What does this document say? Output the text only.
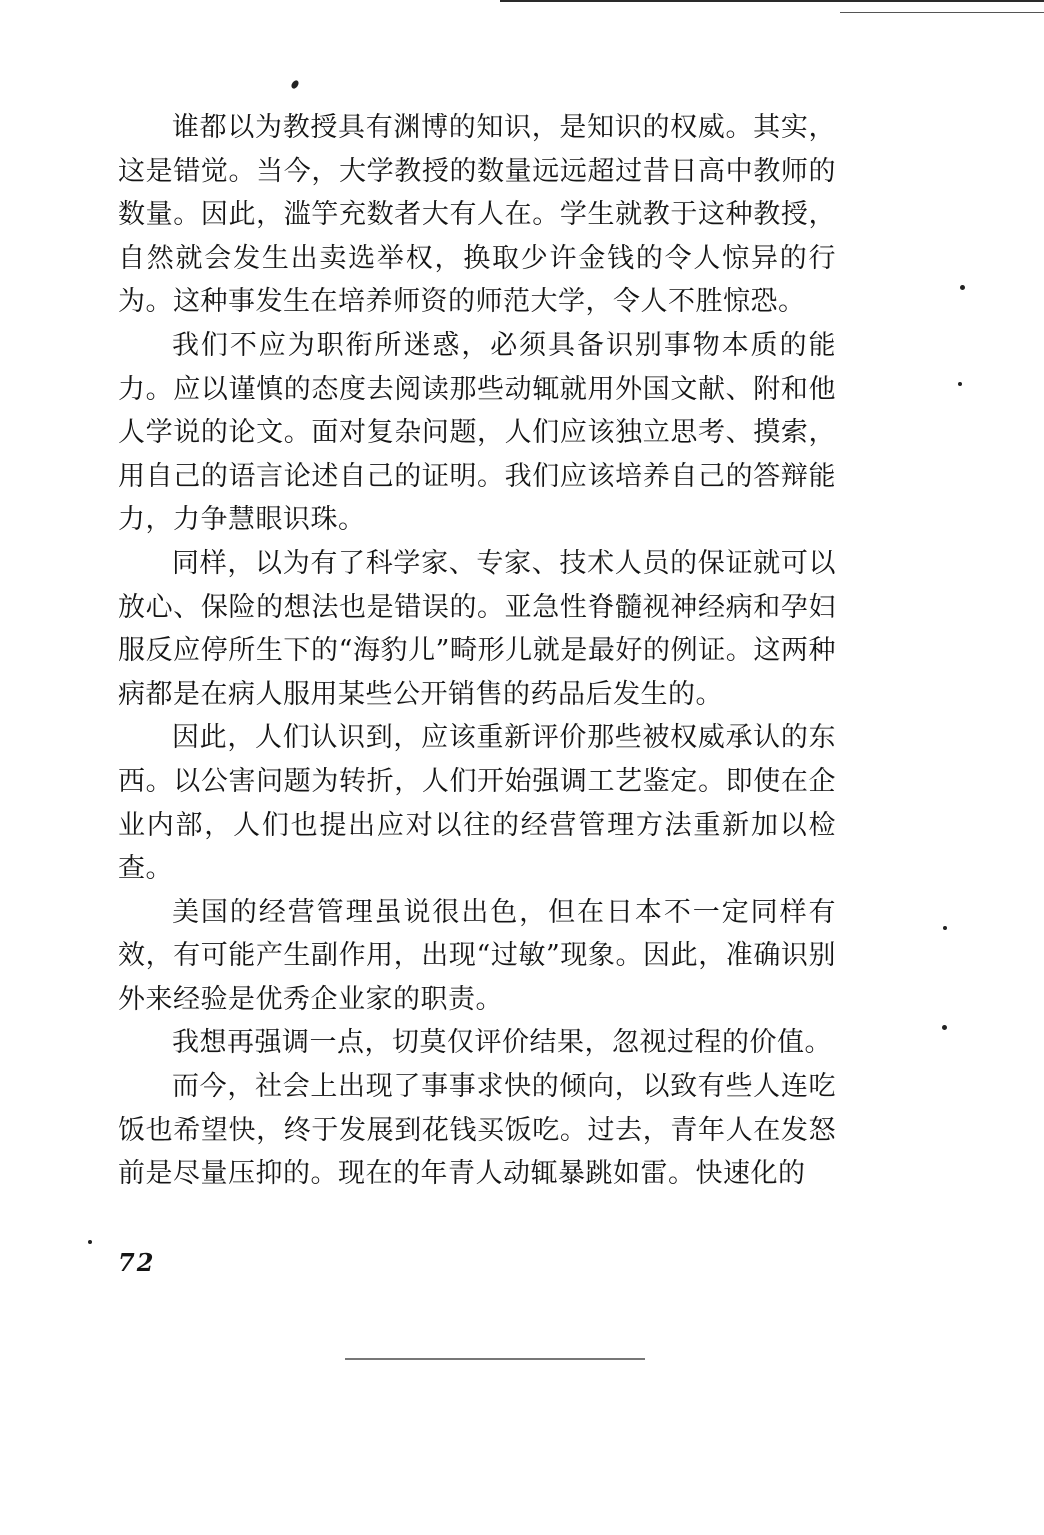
谁都以为教授具有渊博的知识，是知识的权威。其实，这是错觉。当今，大学教授的数量远远超过昔日高中教师的数量。因此，滥竽充数者大有人在。学生就教于这种教授，自然就会发生出卖选举权，换取少许金钱的令人惊异的行为。这种事发生在培养师资的师范大学，令人不胜惊恐。

我们不应为职衔所迷惑，必须具备识别事物本质的能力。应以谨慎的态度去阅读那些动辄就用外国文献、附和他人学说的论文。面对复杂问题，人们应该独立思考、摸索，用自己的语言论述自己的证明。我们应该培养自己的答辩能力，力争慧眼识珠。

同样，以为有了科学家、专家、技术人员的保证就可以放心、保险的想法也是错误的。亚急性脊髓视神经病和孕妇服反应停所生下的“海豹儿”畸形儿就是最好的例证。这两种病都是在病人服用某些公开销售的药品后发生的。

因此，人们认识到，应该重新评价那些被权威承认的东西。以公害问题为转折，人们开始强调工艺鉴定。即使在企业内部，人们也提出应对以往的经营管理方法重新加以检查。

美国的经营管理虽说很出色，但在日本不一定同样有效，有可能产生副作用，出现“过敏”现象。因此，准确识别外来经验是优秀企业家的职责。

我想再强调一点，切莫仅评价结果，忽视过程的价值。

而今，社会上出现了事事求快的倾向，以致有些人连吃饭也希望快，终于发展到花钱买饭吃。过去，青年人在发怒前是尽量压抑的。现在的年青人动辄暴跳如雷。快速化的

72
